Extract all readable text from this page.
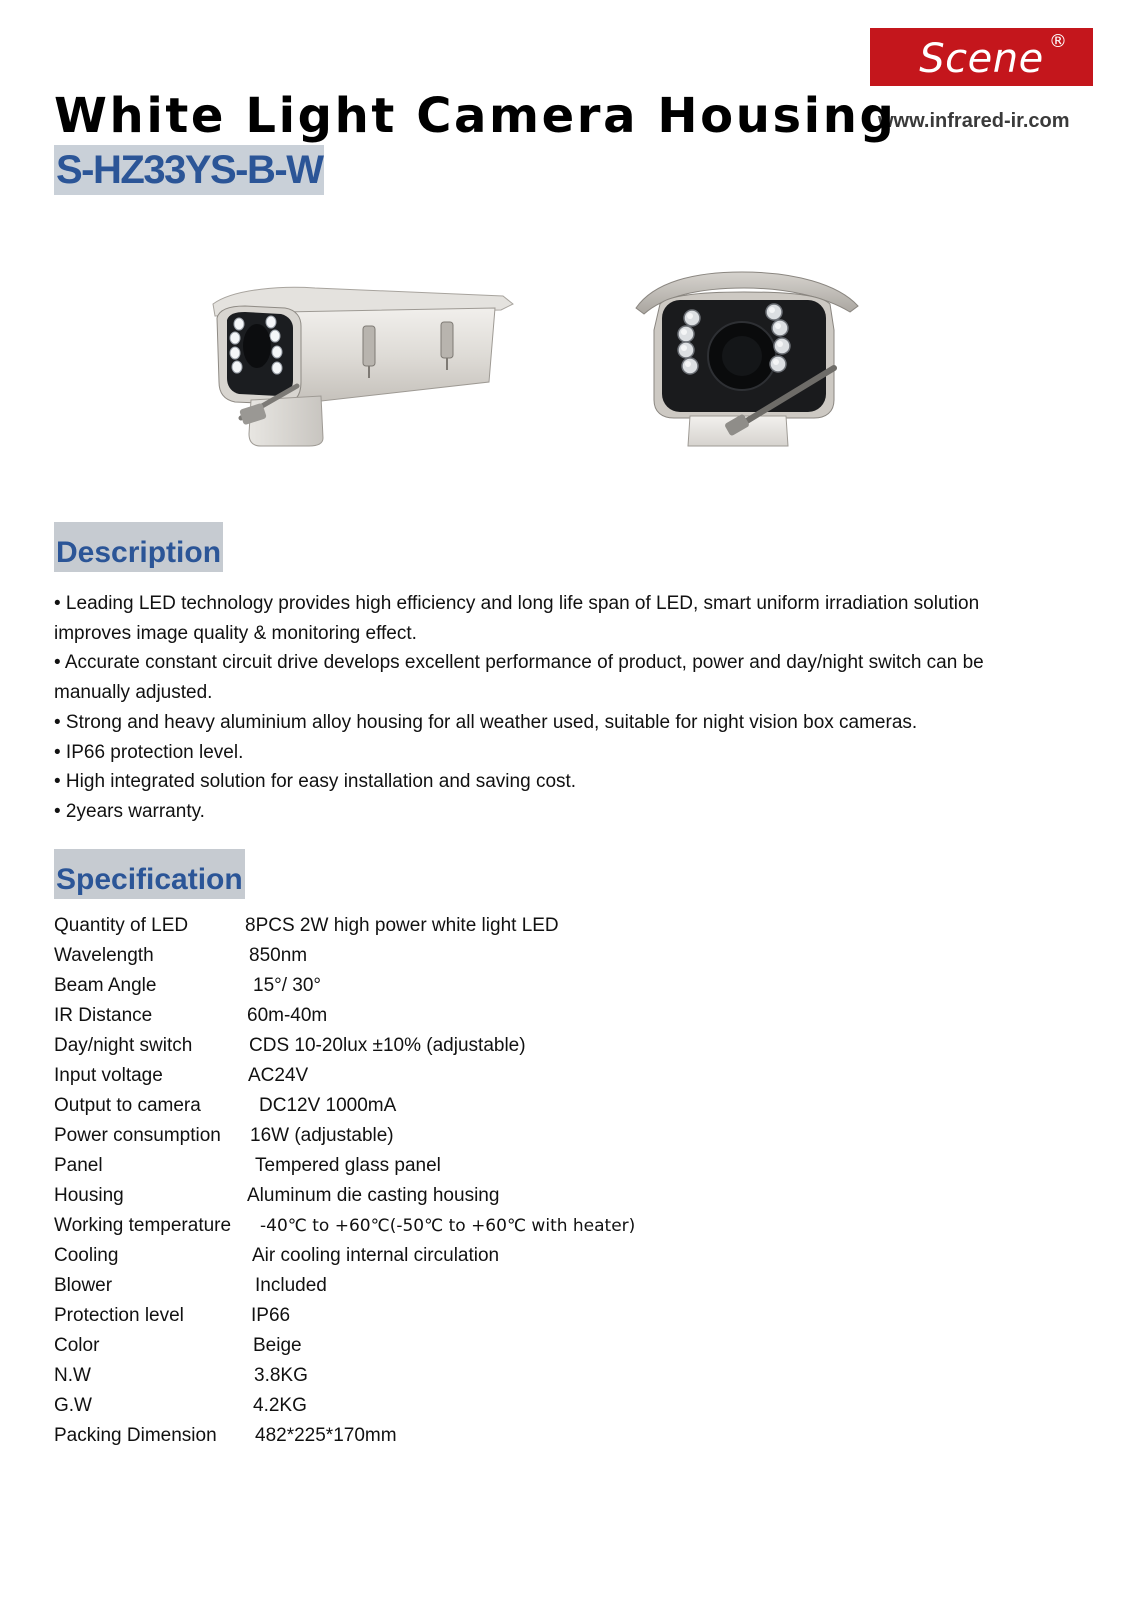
Scene ®
www.infrared-ir.com
White Light Camera Housing
S-HZ33YS-B-W
Description

• Leading LED technology provides high efficiency and long life span of LED, smart uniform irradiation solution

improves image quality & monitoring effect.

• Accurate constant circuit drive develops excellent performance of product, power and day/night switch can be

manually adjusted.

• Strong and heavy aluminium alloy housing for all weather used, suitable for night vision box cameras.

• IP66 protection level.

• High integrated solution for easy installation and saving cost.

• 2years warranty.

Specification
Quantity of LED	8PCS 2W high power white light LED
Wavelength	850nm
Beam Angle	15°/ 30°
IR Distance	60m-40m
Day/night switch	CDS 10-20lux ±10% (adjustable)
Input voltage	AC24V
Output to camera	DC12V 1000mA
Power consumption 16W (adjustable)
Panel	Tempered glass panel
Housing	Aluminum die casting housing
Working temperature -40℃ to +60℃(-50℃ to +60℃ with heater)
Cooling	Air cooling internal circulation
Blower	Included
Protection level	IP66
Color	Beige
N.W	3.8KG
G.W	4.2KG
Packing Dimension 482*225*170mm
